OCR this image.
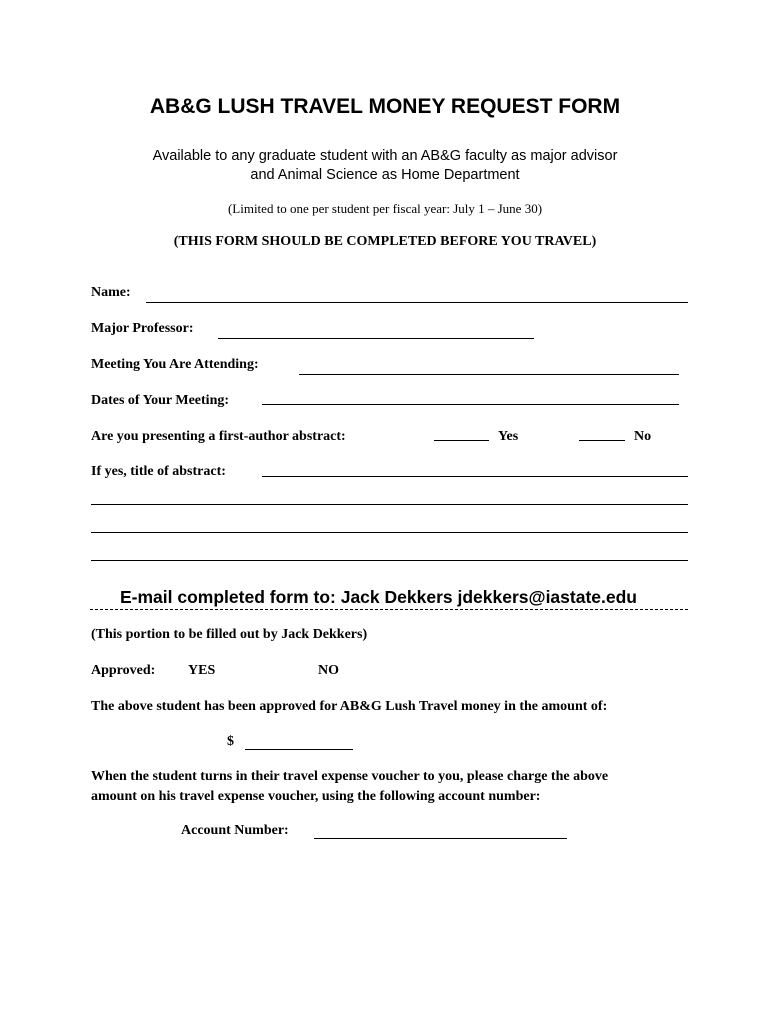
AB&G LUSH TRAVEL MONEY REQUEST FORM
Available to any graduate student with an AB&G faculty as major advisor
and Animal Science as Home Department
(Limited to one per student per fiscal year: July 1 – June 30)
(THIS FORM SHOULD BE COMPLETED BEFORE YOU TRAVEL)
Name:
Major Professor:
Meeting You Are Attending:
Dates of Your Meeting:
Are you presenting a first-author abstract:	Yes	No
If yes, title of abstract:
E-mail completed form to: Jack Dekkers jdekkers@iastate.edu
(This portion to be filled out by Jack Dekkers)
Approved: YES	NO
The above student has been approved for AB&G Lush Travel money in the amount of:
$
When the student turns in their travel expense voucher to you, please charge the above
amount on his travel expense voucher, using the following account number:
Account Number:
